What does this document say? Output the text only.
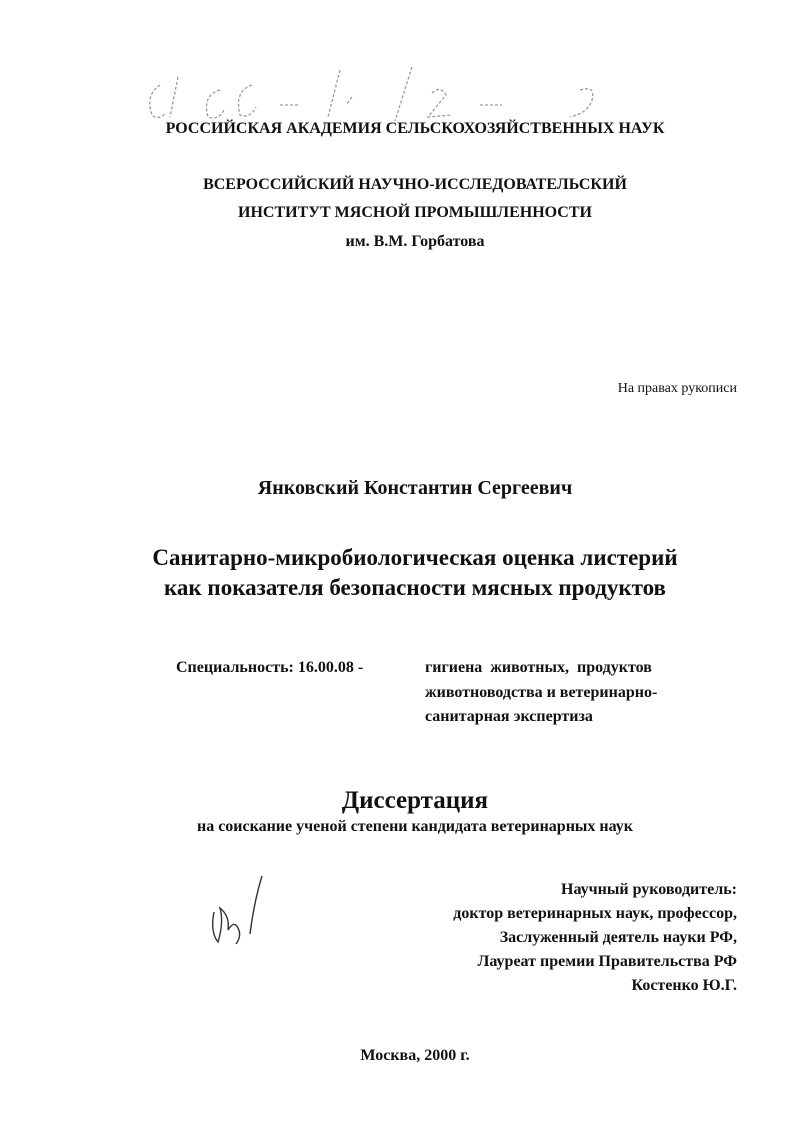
РОССИЙСКАЯ АКАДЕМИЯ СЕЛЬСКОХОЗЯЙСТВЕННЫХ НАУК
ВСЕРОССИЙСКИЙ НАУЧНО-ИССЛЕДОВАТЕЛЬСКИЙ
ИНСТИТУТ МЯСНОЙ ПРОМЫШЛЕННОСТИ
им. В.М. Горбатова
На правах рукописи
Янковский Константин Сергеевич
Санитарно-микробиологическая оценка листерий
как показателя безопасности мясных продуктов
Специальность: 16.00.08 -	гигиена животных, продуктов
животноводства и ветеринарно-
санитарная экспертиза
Диссертация
на соискание ученой степени кандидата ветеринарных наук
Научный руководитель:
доктор ветеринарных наук, профессор,
Заслуженный деятель науки РФ,
Лауреат премии Правительства РФ
Костенко Ю.Г.
Москва, 2000 г.
